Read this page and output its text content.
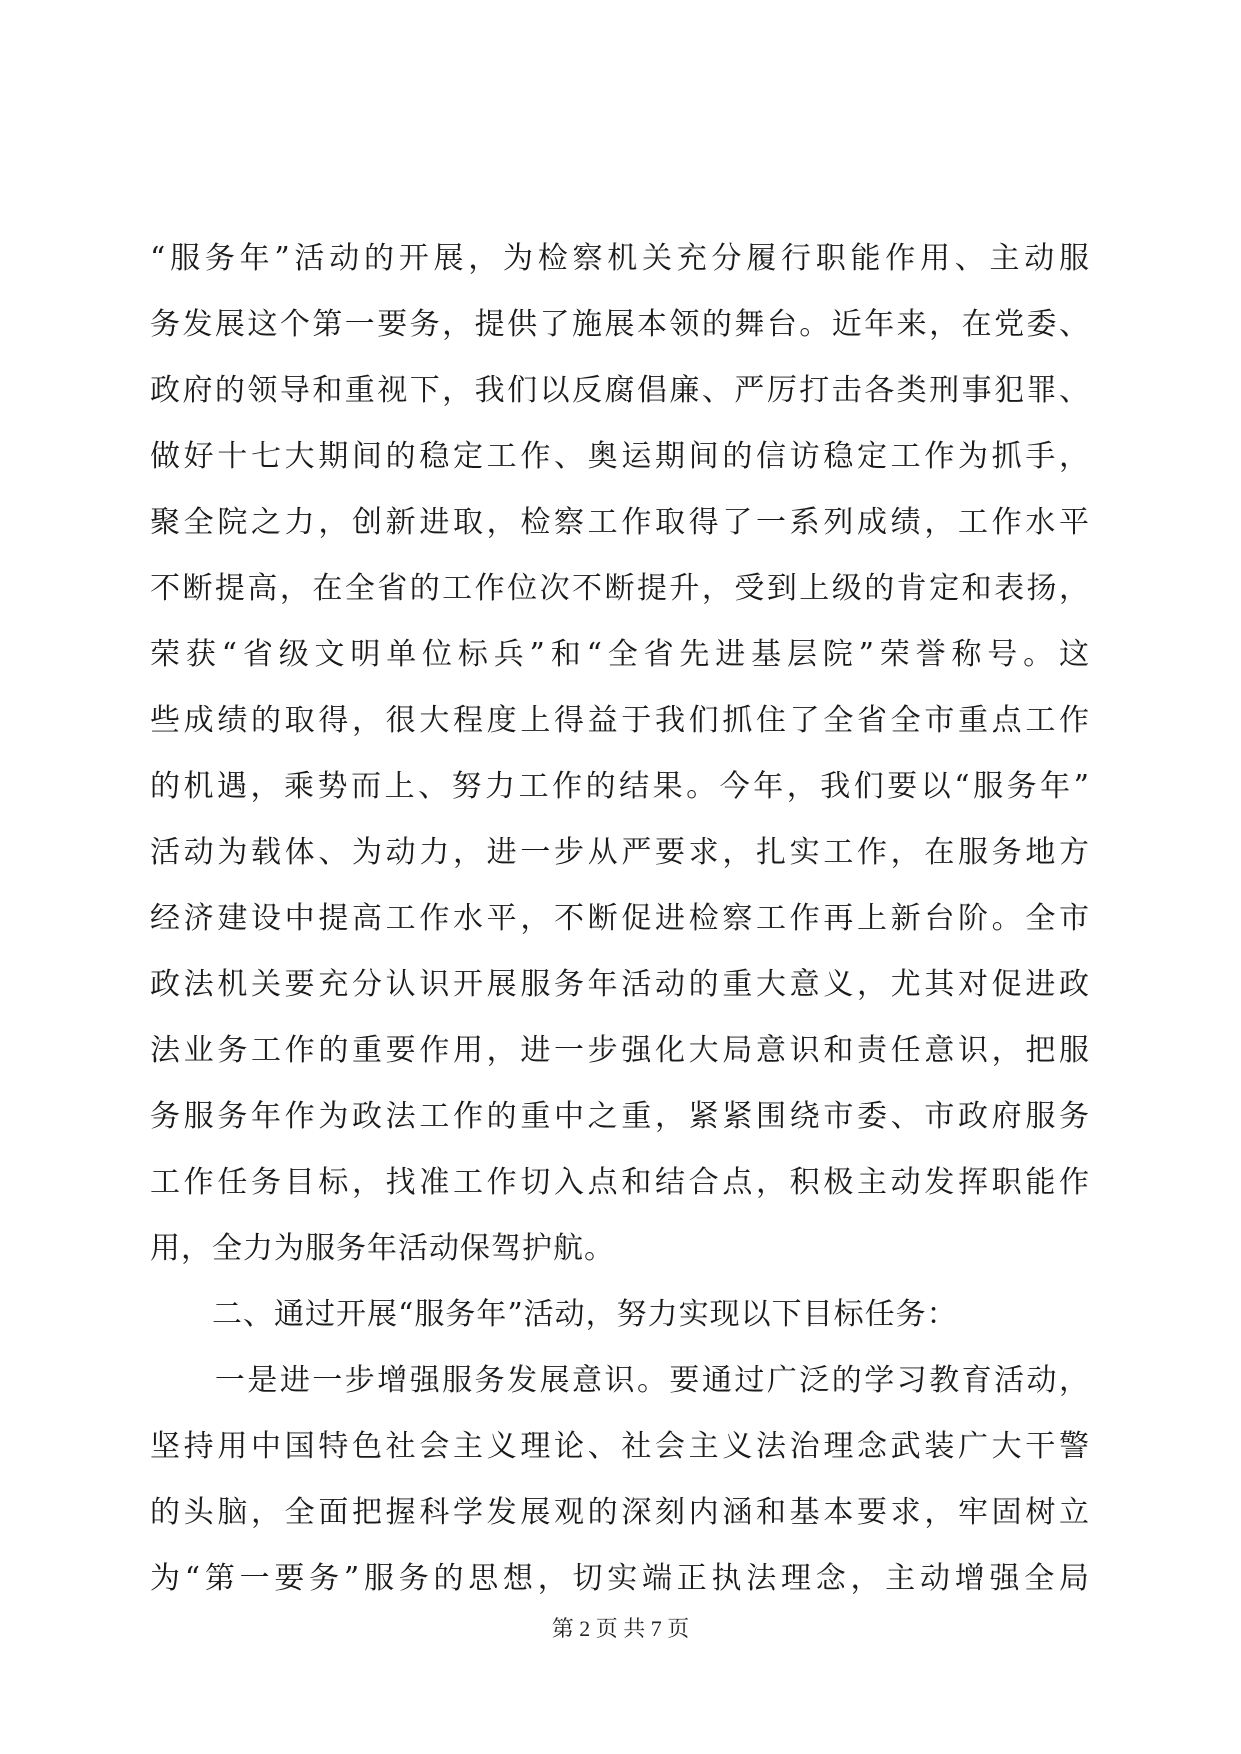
“服务年”活动的开展，为检察机关充分履行职能作用、主动服
务发展这个第一要务，提供了施展本领的舞台。近年来，在党委、
政府的领导和重视下，我们以反腐倡廉、严厉打击各类刑事犯罪、
做好十七大期间的稳定工作、奥运期间的信访稳定工作为抓手，
聚全院之力，创新进取，检察工作取得了一系列成绩，工作水平
不断提高，在全省的工作位次不断提升，受到上级的肯定和表扬，
荣获“省级文明单位标兵”和“全省先进基层院”荣誉称号。这
些成绩的取得，很大程度上得益于我们抓住了全省全市重点工作
的机遇，乘势而上、努力工作的结果。今年，我们要以“服务年”
活动为载体、为动力，进一步从严要求，扎实工作，在服务地方
经济建设中提高工作水平，不断促进检察工作再上新台阶。全市
政法机关要充分认识开展服务年活动的重大意义，尤其对促进政
法业务工作的重要作用，进一步强化大局意识和责任意识，把服
务服务年作为政法工作的重中之重，紧紧围绕市委、市政府服务
工作任务目标，找准工作切入点和结合点，积极主动发挥职能作
用，全力为服务年活动保驾护航。
　　二、通过开展“服务年”活动，努力实现以下目标任务：
　　一是进一步增强服务发展意识。要通过广泛的学习教育活动，
坚持用中国特色社会主义理论、社会主义法治理念武装广大干警
的头脑，全面把握科学发展观的深刻内涵和基本要求，牢固树立
为“第一要务”服务的思想，切实端正执法理念，主动增强全局
第 2 页 共 7 页
